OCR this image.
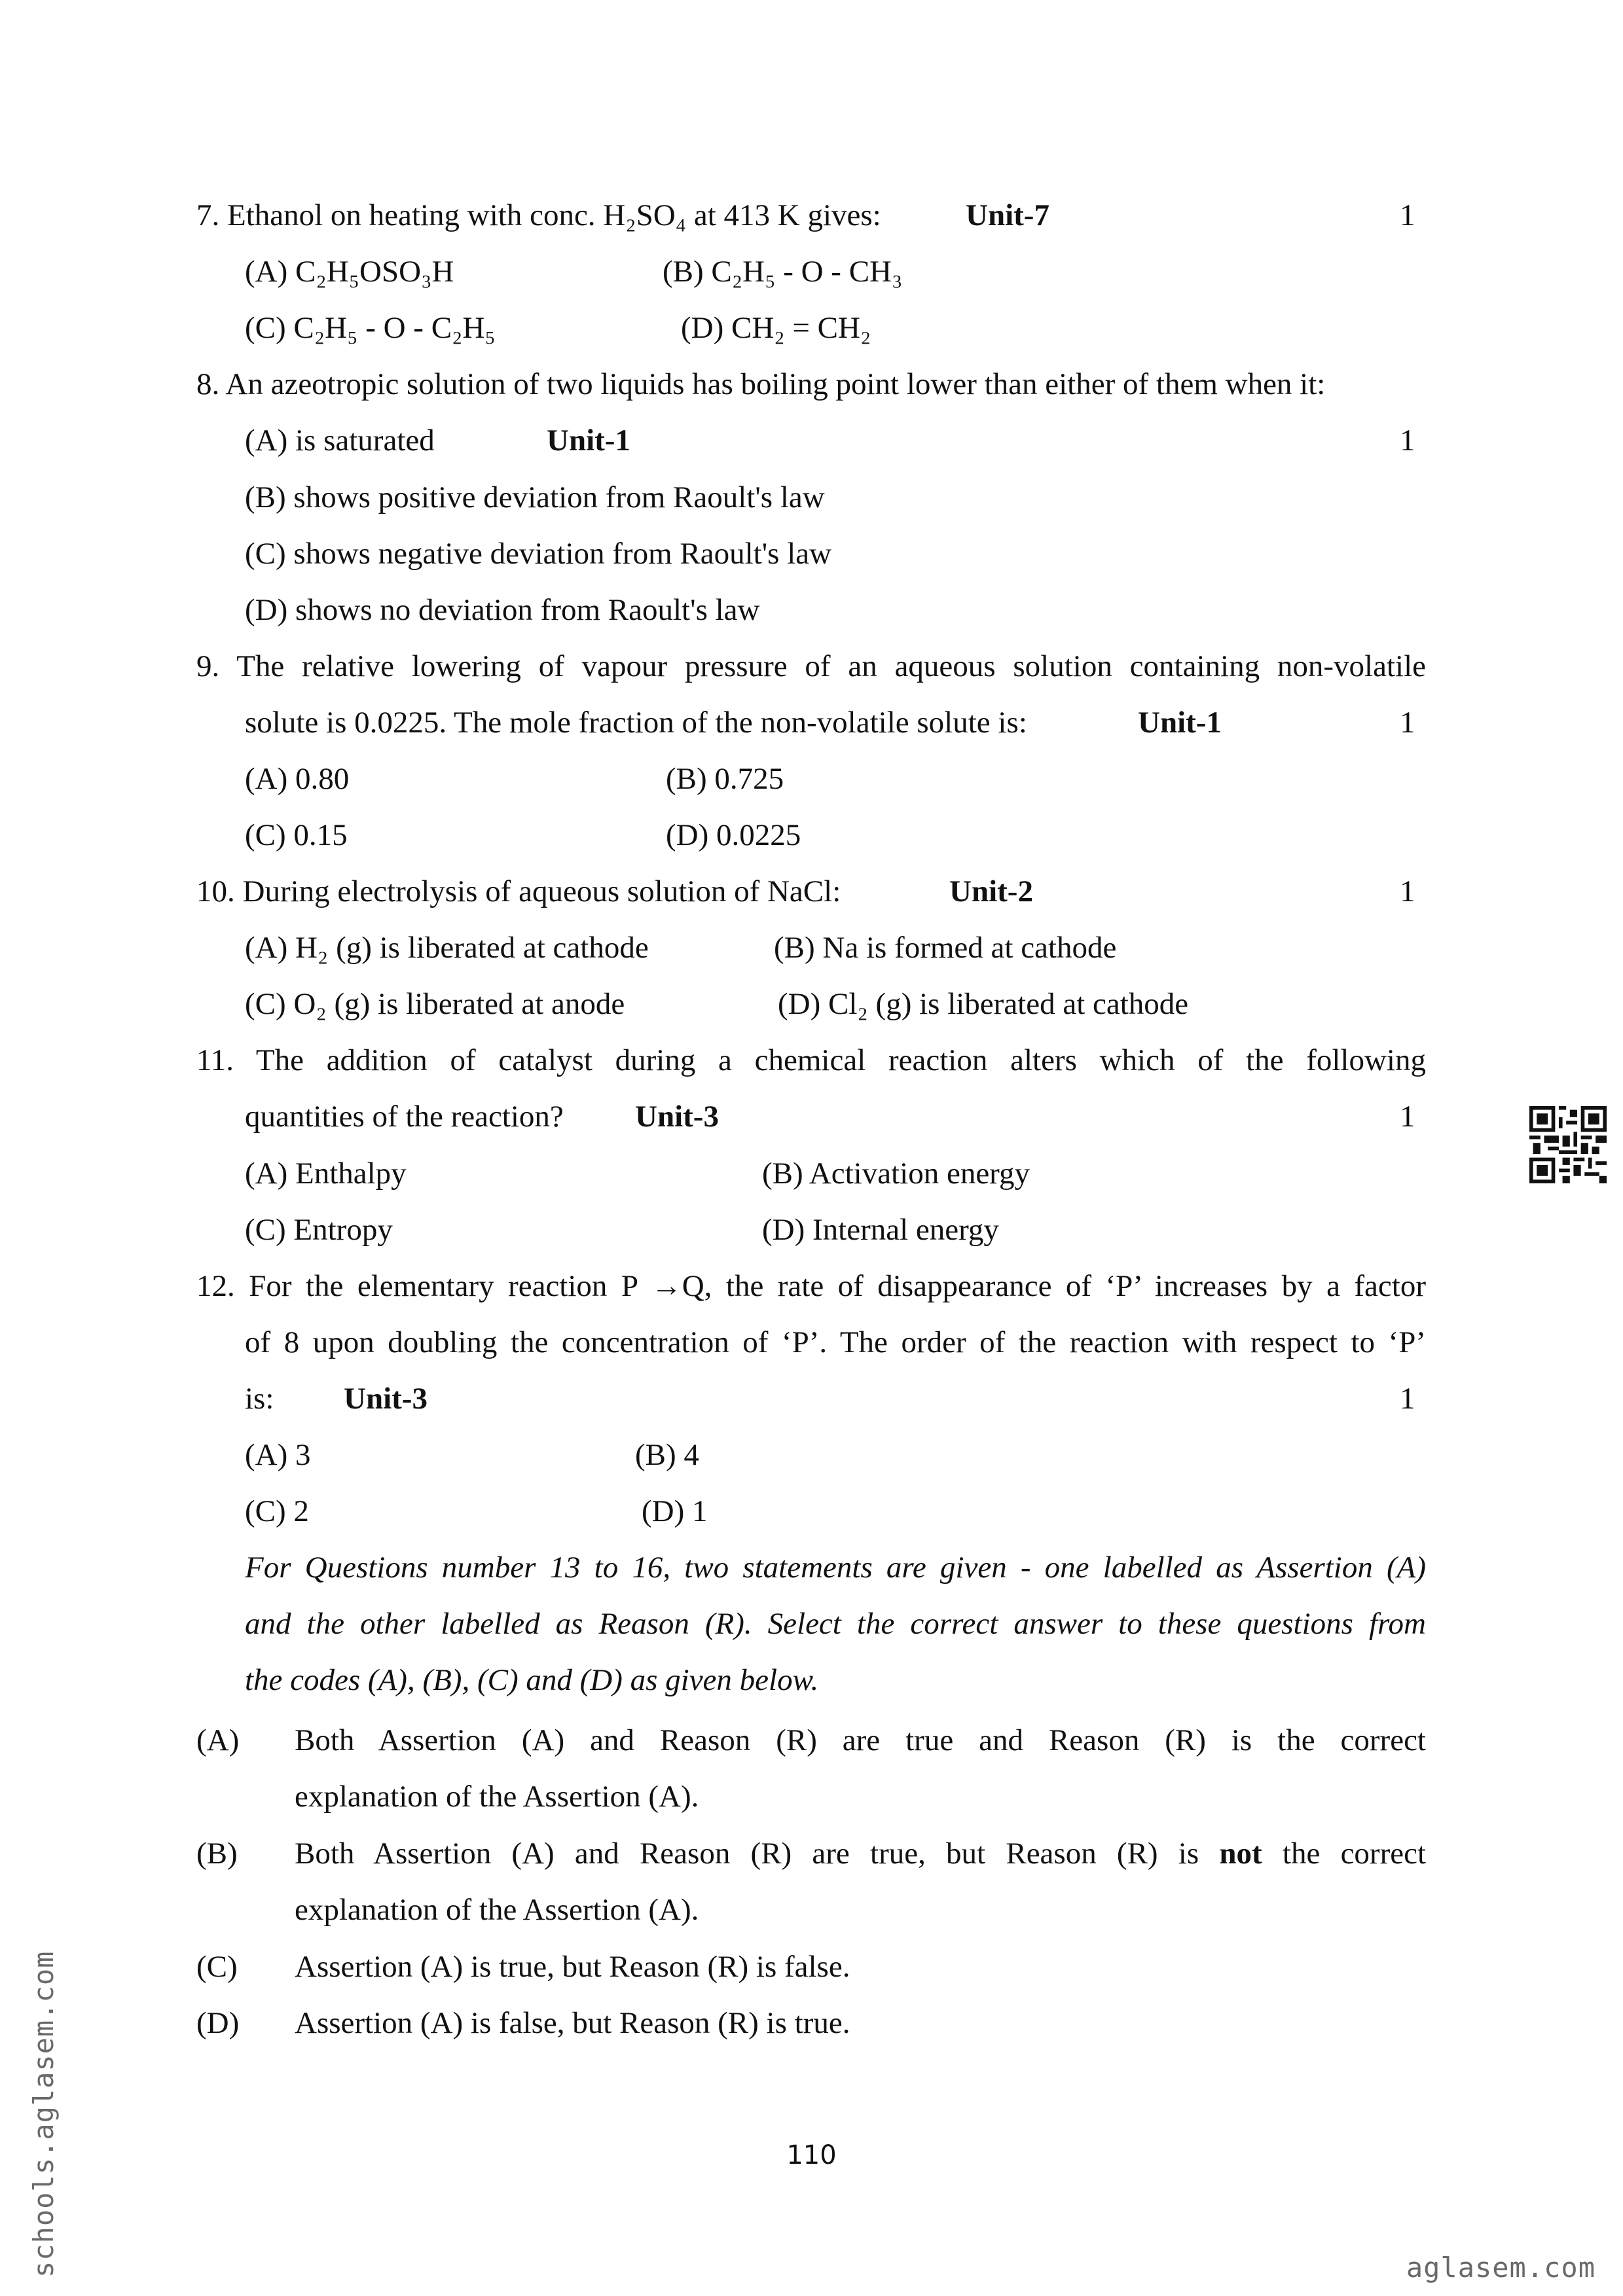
7. Ethanol on heating with conc. H₂SO₄ at 413 K gives:	Unit-7	1
(A) C₂H₅OSO₃H	(B) C₂H₅ - O - CH₃
(C) C₂H₅ - O - C₂H₅	(D) CH₂ = CH₂
8. An azeotropic solution of two liquids has boiling point lower than either of them when it:
(A) is saturated	Unit-1	1
(B) shows positive deviation from Raoult's law
(C) shows negative deviation from Raoult's law
(D) shows no deviation from Raoult's law
9. The relative lowering of vapour pressure of an aqueous solution containing non-volatile
solute is 0.0225. The mole fraction of the non-volatile solute is:	Unit-1	1
(A) 0.80	(B) 0.725
(C) 0.15	(D) 0.0225
10. During electrolysis of aqueous solution of NaCl:	Unit-2	1
(A) H₂ (g) is liberated at cathode	(B) Na is formed at cathode
(C) O₂ (g) is liberated at anode	(D) Cl₂ (g) is liberated at cathode
11. The addition of catalyst during a chemical reaction alters which of the following
quantities of the reaction? Unit-3	1
(A) Enthalpy	(B) Activation energy
(C) Entropy	(D) Internal energy
12. For the elementary reaction P →Q, the rate of disappearance of ‘P’ increases by a factor
of 8 upon doubling the concentration of ‘P’. The order of the reaction with respect to ‘P’
is: Unit-3	1
(A) 3	(B) 4
(C) 2	(D) 1
For Questions number 13 to 16, two statements are given - one labelled as Assertion (A)
and the other labelled as Reason (R). Select the correct answer to these questions from
the codes (A), (B), (C) and (D) as given below.
(A) Both Assertion (A) and Reason (R) are true and Reason (R) is the correct
explanation of the Assertion (A).
(B) Both Assertion (A) and Reason (R) are true, but Reason (R) is not the correct
explanation of the Assertion (A).
(C) Assertion (A) is true, but Reason (R) is false.
(D) Assertion (A) is false, but Reason (R) is true.
110
schools.aglasem.com	aglasem.com
